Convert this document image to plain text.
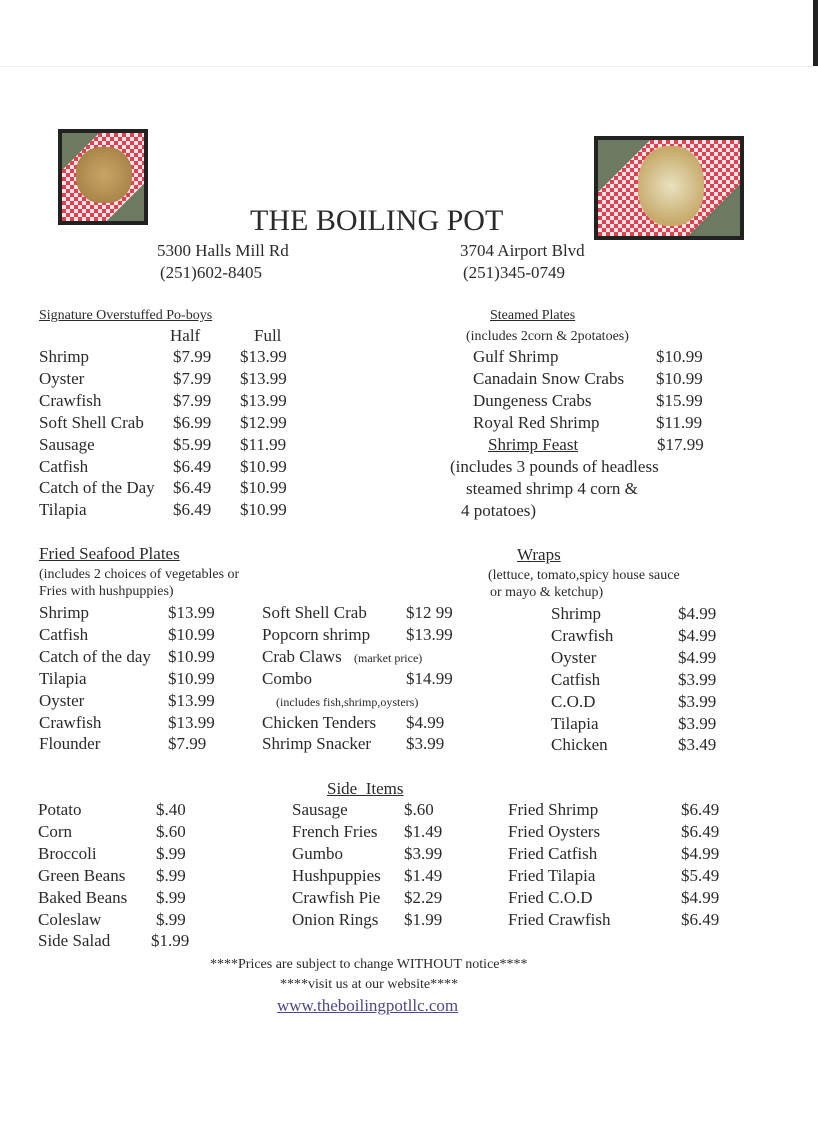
THE BOILING POT
5300 Halls Mill Rd
(251)602-8405
3704 Airport Blvd
(251)345-0749
Signature Overstuffed Po-boys
Half	Full
Shrimp	$7.99 $13.99
Oyster	$7.99 $13.99
Crawfish	$7.99 $13.99
Soft Shell Crab $6.99 $12.99
Sausage	$5.99 $11.99
Catfish	$6.49 $10.99
Catch of the Day $6.49 $10.99
Tilapia	$6.49 $10.99
Steamed Plates
(includes 2corn & 2potatoes)
Gulf Shrimp	$10.99
Canadain Snow Crabs $10.99
Dungeness Crabs	$15.99
Royal Red Shrimp	$11.99
Shrimp Feast	$17.99
(includes 3 pounds of headless
steamed shrimp 4 corn &
4 potatoes)
Fried Seafood Plates
(includes 2 choices of vegetables or
Fries with hushpuppies)
Shrimp	$13.99	Soft Shell Crab $12 99
Catfish	$10.99	Popcorn shrimp $13.99
Catch of the day $10.99	Crab Claws (market price)
Tilapia	$10.99	Combo	$14.99
Oyster	$13.99	(includes fish,shrimp,oysters)
Crawfish	$13.99	Chicken Tenders $4.99
Flounder	$7.99	Shrimp Snacker $3.99
Wraps
(lettuce, tomato,spicy house sauce
or mayo & ketchup)
Shrimp	$4.99
Crawfish	$4.99
Oyster	$4.99
Catfish	$3.99
C.O.D	$3.99
Tilapia	$3.99
Chicken	$3.49
Side  Items
Potato	$.40	Sausage	$.60	Fried Shrimp	$6.49
Corn	$.60	French Fries $1.49	Fried Oysters	$6.49
Broccoli	$.99	Gumbo	$3.99	Fried Catfish	$4.99
Green Beans $.99	Hushpuppies $1.49	Fried Tilapia	$5.49
Baked Beans $.99	Crawfish Pie $2.29	Fried C.O.D	$4.99
Coleslaw	$.99	Onion Rings $1.99	Fried Crawfish	$6.49
Side Salad $1.99
****Prices are subject to change WITHOUT notice****
****visit us at our website****
www.theboilingpotllc.com
